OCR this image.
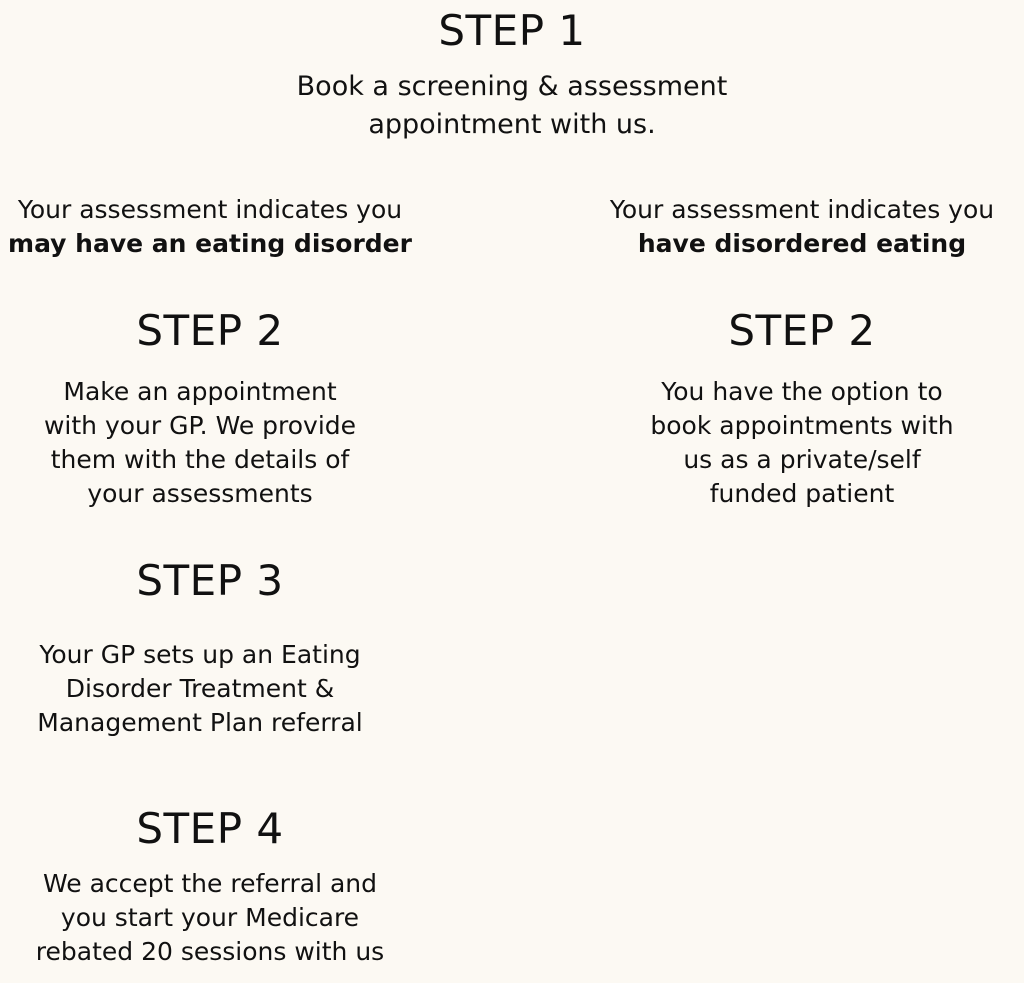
STEP 1
Book a screening & assessment
appointment with us.
Your assessment indicates you
may have an eating disorder
STEP 2
Make an appointment
with your GP. We provide
them with the details of
your assessments
STEP 3
Your GP sets up an Eating
Disorder Treatment &
Management Plan referral
STEP 4
We accept the referral and
you start your Medicare
rebated 20 sessions with us
Your assessment indicates you
have disordered eating
STEP 2
You have the option to
book appointments with
us as a private/self
funded patient
